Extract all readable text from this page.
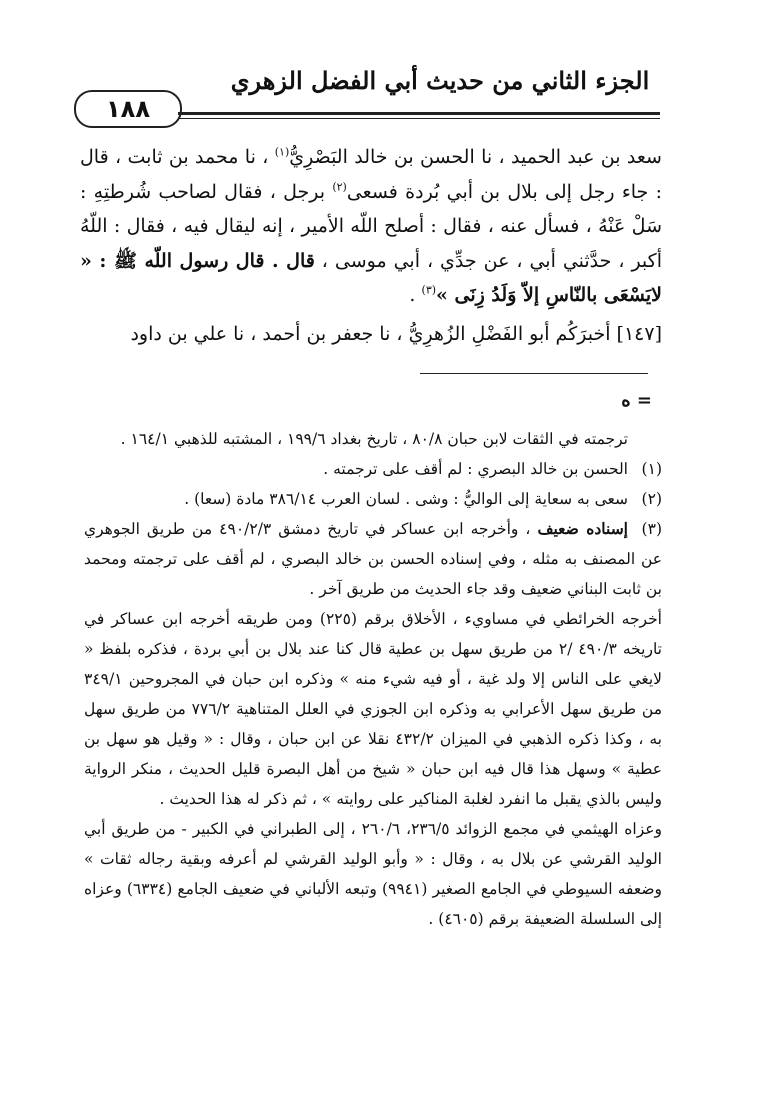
١٨٨
الجزء الثاني من حديث أبي الفضل الزهري

سعد بن عبد الحميد ، نا الحسن بن خالد البَصْرِيُّ$^{(١)}$ ، نا محمد بن ثابت ، قال : جاء رجل إلى بلال بن أبي بُردة فسعى$^{(٢)}$ برجل ، فقال لصاحب شُرطتِهِ : سَلْ عَنْهُ ، فسأل عنه ، فقال : أصلح اللّه الأمير ، إنه ليقال فيه ، فقال : اللّهُ أكبر ، حدَّثني أبي ، عن جدِّي ، أبي موسى ، قال . قال رسول اللّه ﷺ : « لايَسْعَى بالنّاسِ إلاّ وَلَدُ زِنَى »$^{(٣)}$ .

[١٤٧] أخبرَكُم أبو الفَضْلِ الزُهرِيُّ ، نا جعفر بن أحمد ، نا علي بن داود

= ه

ترجمته في الثقات لابن حبان ٨٠/٨ ، تاريخ بغداد ١٩٩/٦ ، المشتبه للذهبي ١٦٤/١ .

(١)الحسن بن خالد البصري : لم أقف على ترجمته .

(٢)سعى به سعاية إلى الواليُّ : وشى . لسان العرب ٣٨٦/١٤ مادة (سعا) .

(٣)إسناده ضعيف ، وأخرجه ابن عساكر في تاريخ دمشق ٤٩٠/٢/٣ من طريق الجوهري عن المصنف به مثله ، وفي إسناده الحسن بن خالد البصري ، لم أقف على ترجمته ومحمد بن ثابت البناني ضعيف وقد جاء الحديث من طريق آخر .

أخرجه الخرائطي في مساويء ، الأخلاق برقم (٢٢٥) ومن طريقه أخرجه ابن عساكر في تاريخه ٤٩٠/٣ /٢ من طريق سهل بن عطية قال كنا عند بلال بن أبي بردة ، فذكره بلفظ « لايغي على الناس إلا ولد غية ، أو فيه شيء منه » وذكره ابن حبان في المجروحين ٣٤٩/١ من طريق سهل الأعرابي به وذكره ابن الجوزي في العلل المتناهية ٧٧٦/٢ من طريق سهل به ، وكذا ذكره الذهبي في الميزان ٤٣٢/٢ نقلا عن ابن حبان ، وقال : « وقيل هو سهل بن عطية » وسهل هذا قال فيه ابن حبان « شيخ من أهل البصرة قليل الحديث ، منكر الرواية وليس بالذي يقبل ما انفرد لغلبة المناكير على روايته » ، ثم ذكر له هذا الحديث .

وعزاه الهيثمي في مجمع الزوائد ٢٣٦/٥، ٢٦٠/٦ ، إلى الطبراني في الكبير - من طريق أبي الوليد القرشي عن بلال به ، وقال : « وأبو الوليد القرشي لم أعرفه وبقية رجاله ثقات » وضعفه السيوطي في الجامع الصغير (٩٩٤١) وتبعه الألباني في ضعيف الجامع (٦٣٣٤) وعزاه إلى السلسلة الضعيفة برقم (٤٦٠٥) .
